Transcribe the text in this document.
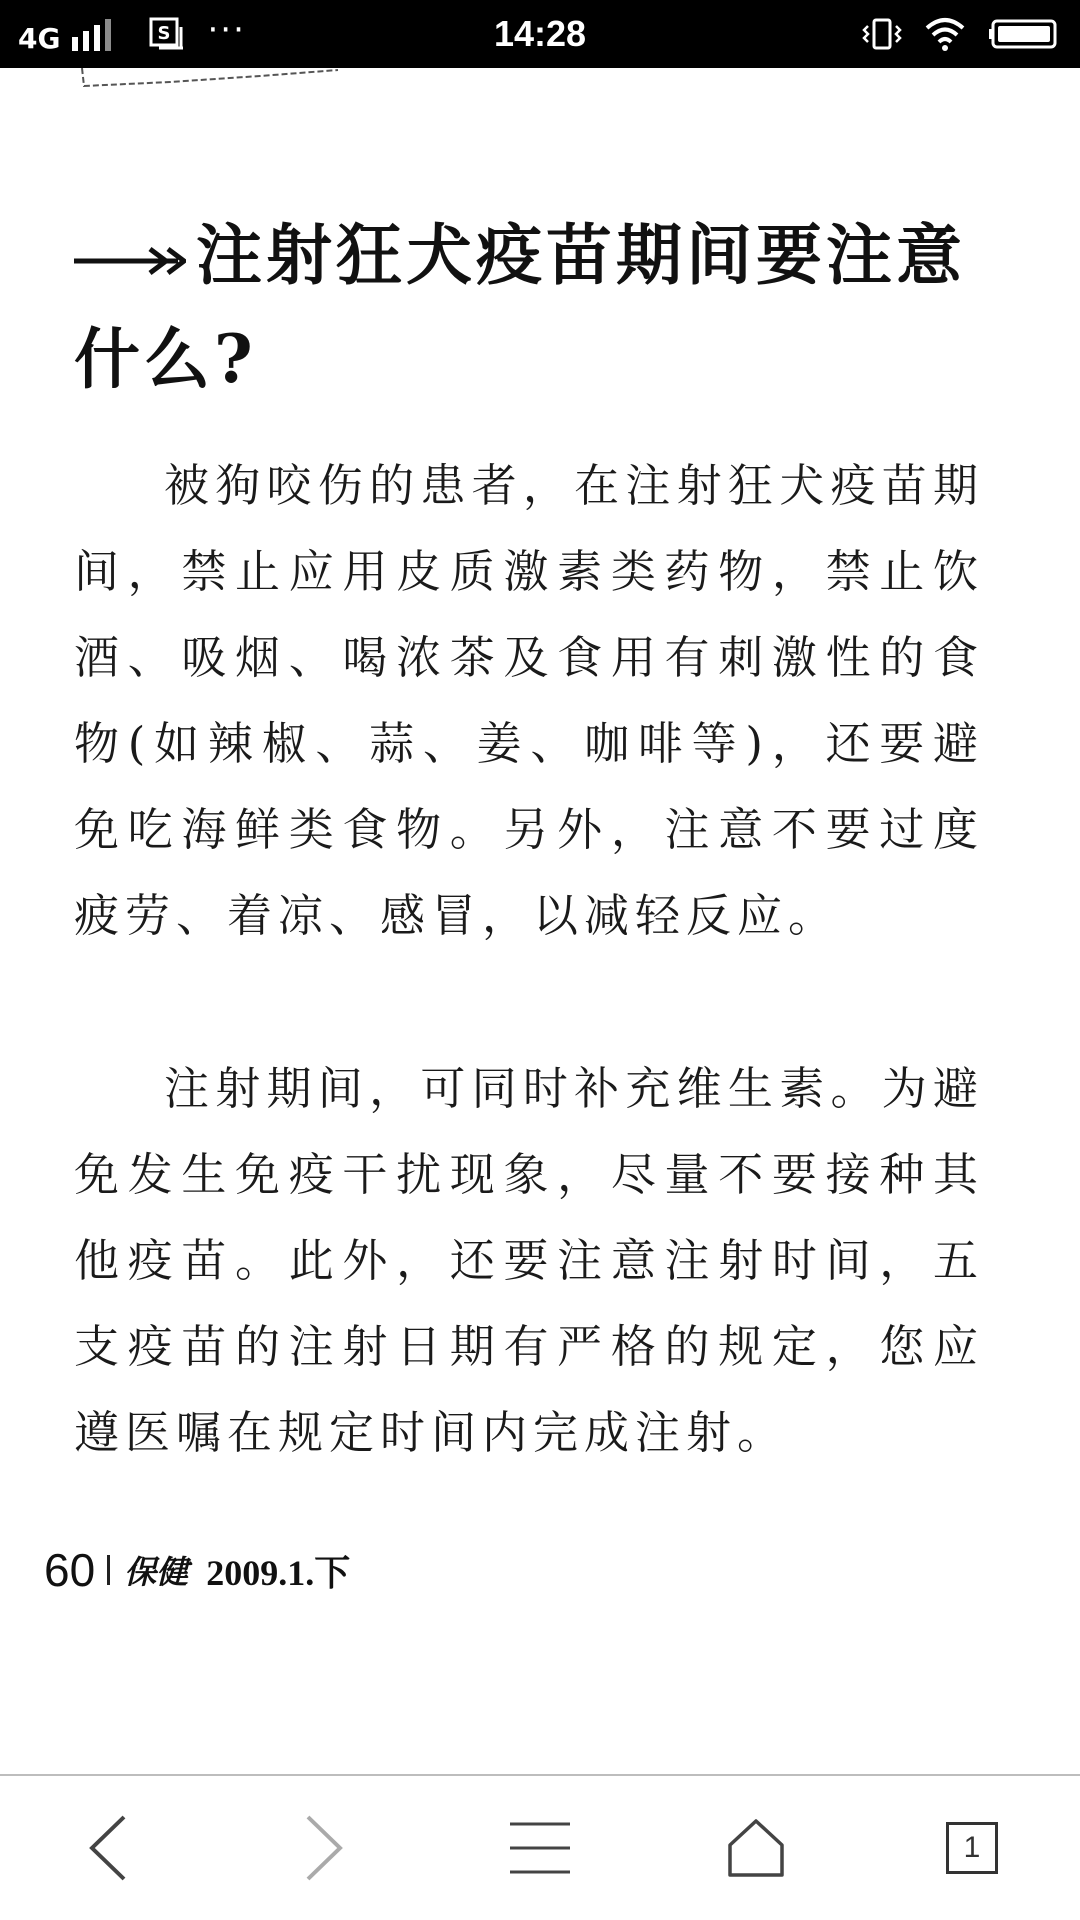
4G	S ···	14:28
注射狂犬疫苗期间要注意什么?

被狗咬伤的患者，在注射狂犬疫苗期间，禁止应用皮质激素类药物，禁止饮酒、吸烟、喝浓茶及食用有刺激性的食物(如辣椒、蒜、姜、咖啡等)，还要避免吃海鲜类食物。另外，注意不要过度疲劳、着凉、感冒，以减轻反应。

注射期间，可同时补充维生素。为避免发生免疫干扰现象，尽量不要接种其他疫苗。此外，还要注意注射时间，五支疫苗的注射日期有严格的规定，您应遵医嘱在规定时间内完成注射。

60 保健 2009.1.下
1
